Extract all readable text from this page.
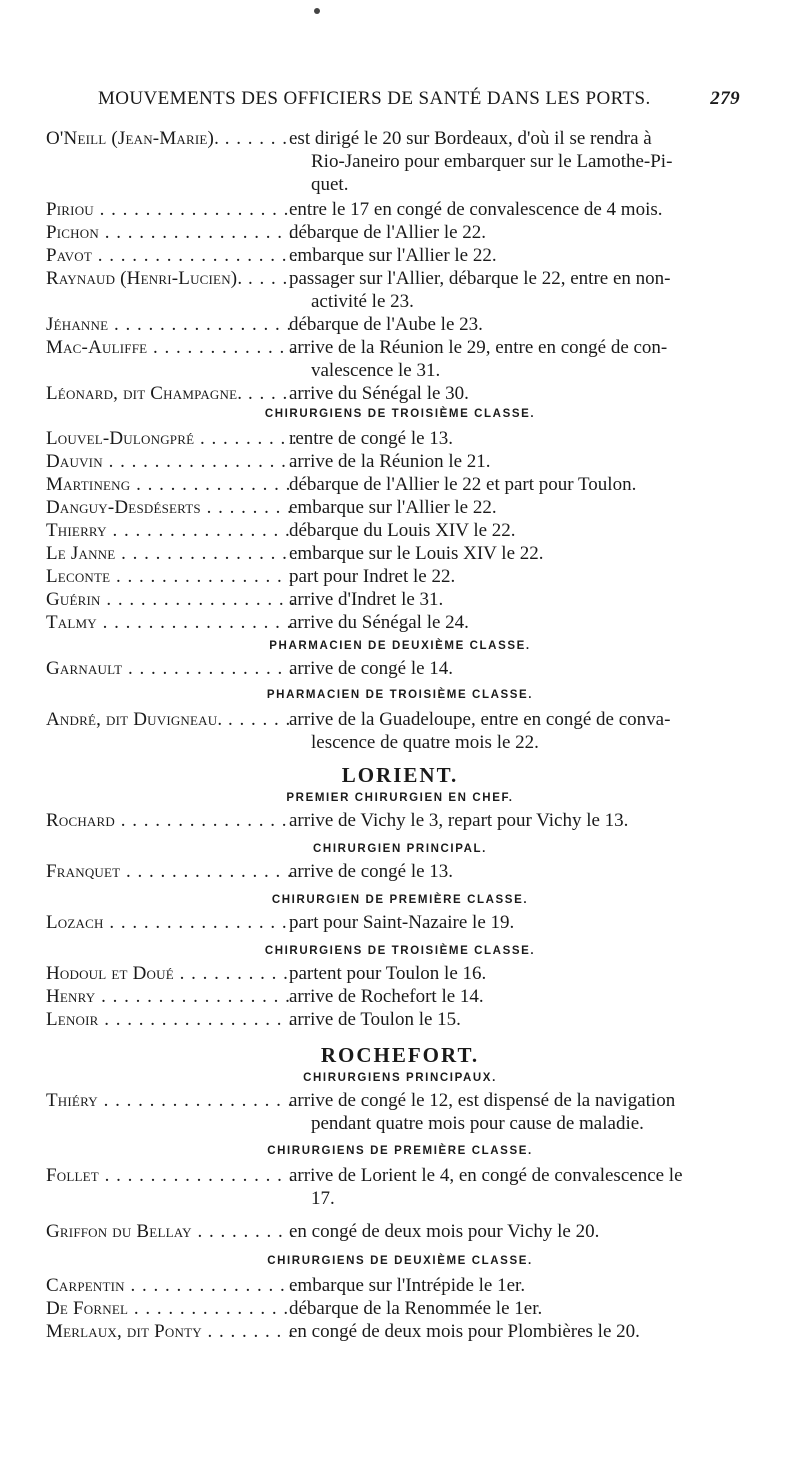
MOUVEMENTS DES OFFICIERS DE SANTÉ DANS LES PORTS.	279
O'Neill (Jean-Marie). . . .	est dirigé le 20 sur Bordeaux, d'où il se rendra à
Rio-Janeiro pour embarquer sur le Lamothe-Pi-
quet.
Piriou . . .	entre le 17 en congé de convalescence de 4 mois.
Pichon . . .	débarque de l'Allier le 22.
Pavot . . .	embarque sur l'Allier le 22.
Raynaud (Henri-Lucien). . . .	passager sur l'Allier, débarque le 22, entre en non-
activité le 23.
Jéhanne . . .	débarque de l'Aube le 23.
Mac-Auliffe . . .	arrive de la Réunion le 29, entre en congé de con-
valescence le 31.
Léonard, dit Champagne. . . .	arrive du Sénégal le 30.
CHIRURGIENS DE TROISIÈME CLASSE.
Louvel-Dulongpré . . .	rentre de congé le 13.
Dauvin . . .	arrive de la Réunion le 21.
Martineng . . .	débarque de l'Allier le 22 et part pour Toulon.
Danguy-Desdéserts . . .	embarque sur l'Allier le 22.
Thierry . . .	débarque du Louis XIV le 22.
Le Janne . . .	embarque sur le Louis XIV le 22.
Leconte . . .	part pour Indret le 22.
Guérin . . .	arrive d'Indret le 31.
Talmy . . .	arrive du Sénégal le 24.
PHARMACIEN DE DEUXIÈME CLASSE.
Garnault . . .	arrive de congé le 14.
PHARMACIEN DE TROISIÈME CLASSE.
André, dit Duvigneau. . . .	arrive de la Guadeloupe, entre en congé de conva-
lescence de quatre mois le 22.
LORIENT.
PREMIER CHIRURGIEN EN CHEF.
Rochard . . .	arrive de Vichy le 3, repart pour Vichy le 13.
CHIRURGIEN PRINCIPAL.
Franquet . . .	arrive de congé le 13.
CHIRURGIEN DE PREMIÈRE CLASSE.
Lozach . . .	part pour Saint-Nazaire le 19.
CHIRURGIENS DE TROISIÈME CLASSE.
Hodoul et Doué . . .	partent pour Toulon le 16.
Henry . . .	arrive de Rochefort le 14.
Lenoir . . .	arrive de Toulon le 15.
ROCHEFORT.
CHIRURGIENS PRINCIPAUX.
Thiéry . . .	arrive de congé le 12, est dispensé de la navigation
pendant quatre mois pour cause de maladie.
CHIRURGIENS DE PREMIÈRE CLASSE.
Follet . . .	arrive de Lorient le 4, en congé de convalescence le
17.
Griffon du Bellay . . .	en congé de deux mois pour Vichy le 20.
CHIRURGIENS DE DEUXIÈME CLASSE.
Carpentin . . .	embarque sur l'Intrépide le 1er.
De Fornel . . .	débarque de la Renommée le 1er.
Merlaux, dit Ponty . . .	en congé de deux mois pour Plombières le 20.
